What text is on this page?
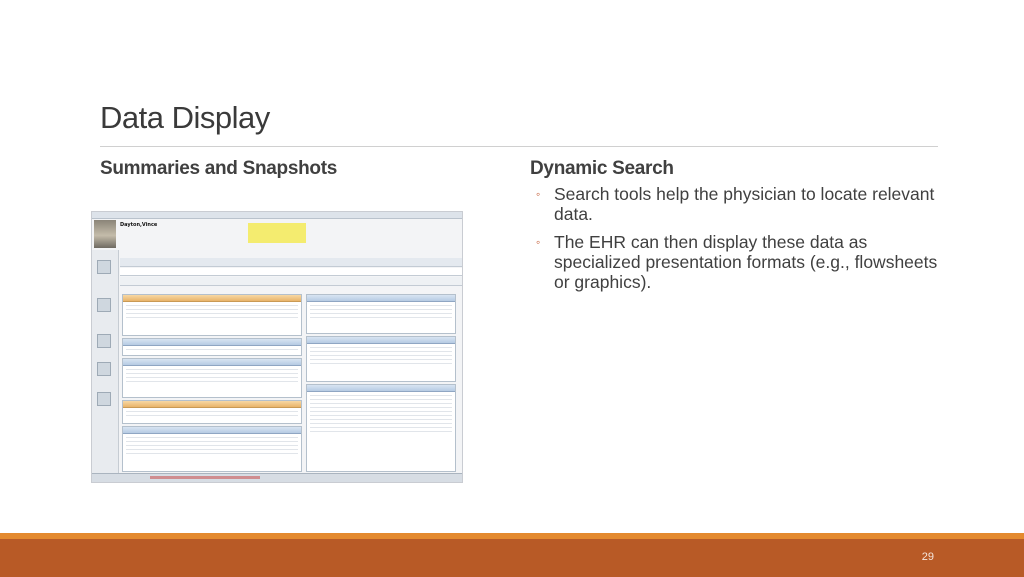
Data Display
Summaries and Snapshots
Dayton,Vince
Dynamic Search
◦ Search tools help the physician to locate relevant data.
◦ The EHR can then display these data as specialized presentation formats (e.g., flowsheets or graphics).
29
